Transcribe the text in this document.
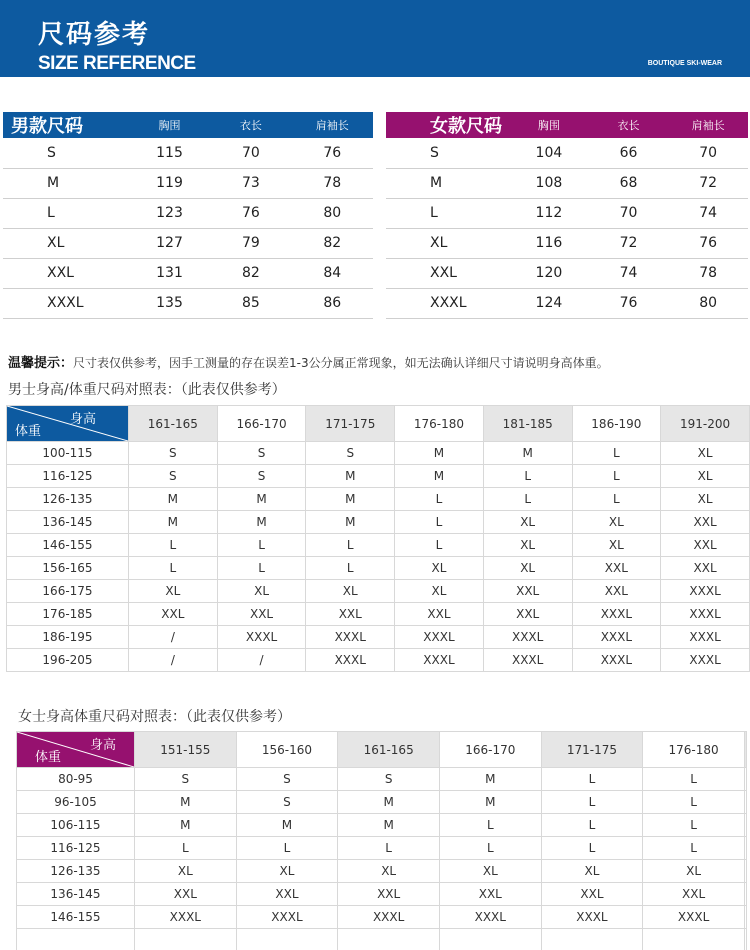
尺码参考
SIZE REFERENCE	BOUTIQUE SKI-WEAR
男款尺码	胸围	衣长	肩袖长
S	115	70	76
M	119	73	78
L	123	76	80
XL	127	79	82
XXL	131	82	84
XXXL	135	85	86
女款尺码	胸围	衣长	肩袖长
S	104	66	70
M	108	68	72
L	112	70	74
XL	116	72	76
XXL	120	74	78
XXXL	124	76	80
温馨提示：尺寸表仅供参考，因手工测量的存在误差1-3公分属正常现象，如无法确认详细尺寸请说明身高体重。
男士身高/体重尺码对照表：（此表仅供参考）
身高
体重	161-165	166-170	171-175	176-180	181-185	186-190	191-200
100-115	S	S	S	M	M	L	XL
116-125	S	S	M	M	L	L	XL
126-135	M	M	M	L	L	L	XL
136-145	M	M	M	L	XL	XL	XXL
146-155	L	L	L	L	XL	XL	XXL
156-165	L	L	L	XL	XL	XXL	XXL
166-175	XL	XL	XL	XL	XXL	XXL	XXXL
176-185	XXL	XXL	XXL	XXL	XXL	XXXL	XXXL
186-195	/	XXXL	XXXL	XXXL	XXXL	XXXL	XXXL
196-205	/	/	XXXL	XXXL	XXXL	XXXL	XXXL
女士身高体重尺码对照表：（此表仅供参考）
身高
体重	151-155	156-160	161-165	166-170	171-175	176-180	
80-95	S	S	S	M	L	L	
96-105	M	S	M	M	L	L	
106-115	M	M	M	L	L	L	
116-125	L	L	L	L	L	L	
126-135	XL	XL	XL	XL	XL	XL	
136-145	XXL	XXL	XXL	XXL	XXL	XXL	
146-155	XXXL	XXXL	XXXL	XXXL	XXXL	XXXL	
